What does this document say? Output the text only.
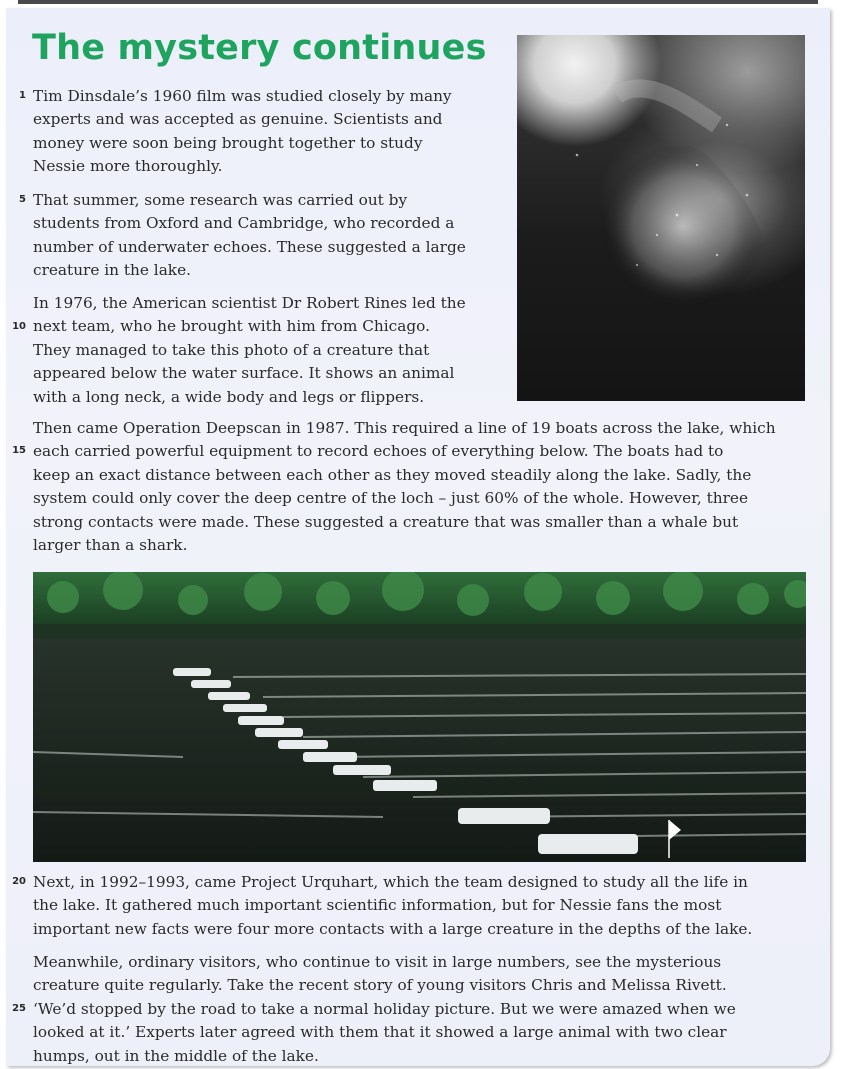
The mystery continues

Tim Dinsdale’s 1960 film was studied closely by many
experts and was accepted as genuine. Scientists and
money were soon being brought together to study
Nessie more thoroughly.

1

That summer, some research was carried out by
students from Oxford and Cambridge, who recorded a
number of underwater echoes. These suggested a large
creature in the lake.

5

In 1976, the American scientist Dr Robert Rines led the
next team, who he brought with him from Chicago.
They managed to take this photo of a creature that
appeared below the water surface. It shows an animal
with a long neck, a wide body and legs or flippers.

10

Then came Operation Deepscan in 1987. This required a line of 19 boats across the lake, which
each carried powerful equipment to record echoes of everything below. The boats had to
keep an exact distance between each other as they moved steadily along the lake. Sadly, the
system could only cover the deep centre of the loch – just 60% of the whole. However, three
strong contacts were made. These suggested a creature that was smaller than a whale but
larger than a shark.

15

Next, in 1992–1993, came Project Urquhart, which the team designed to study all the life in
the lake. It gathered much important scientific information, but for Nessie fans the most
important new facts were four more contacts with a large creature in the depths of the lake.

20

Meanwhile, ordinary visitors, who continue to visit in large numbers, see the mysterious
creature quite regularly. Take the recent story of young visitors Chris and Melissa Rivett.
‘We’d stopped by the road to take a normal holiday picture. But we were amazed when we
looked at it.’ Experts later agreed with them that it showed a large animal with two clear
humps, out in the middle of the lake.

25
